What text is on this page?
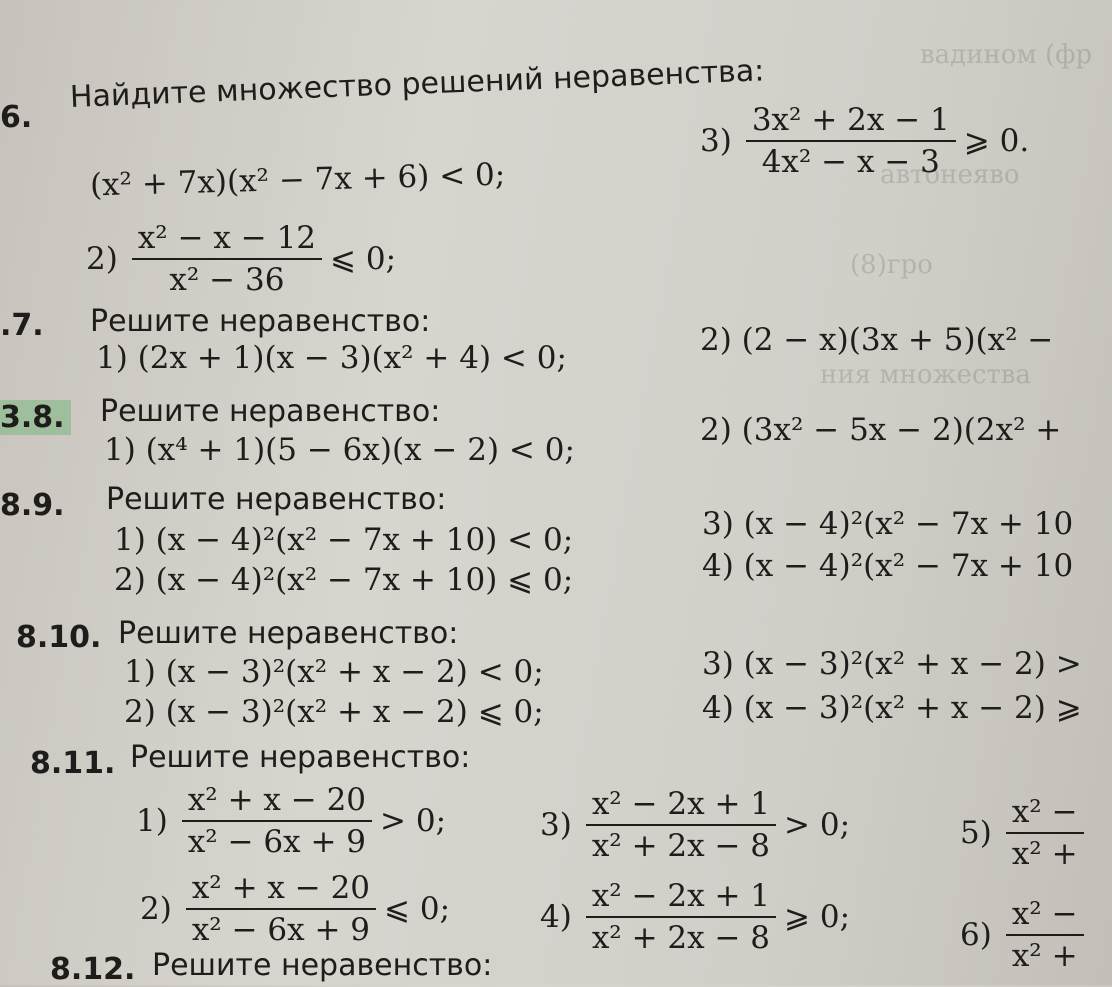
вадином (фр
автонеяво
(8)гро
ния множества
6.
Найдите множество решений неравенства:
(x² + 7x)(x² − 7x + 6) < 0;
$2) \frac{\text{x² − x − 12}}{\text{x² − 36}}$ ⩽ 0;
$3) \frac{\text{3x² + 2x − 1}}{\text{4x² − x − 3}}$ ⩾ 0.
.7. Решите неравенство:
1) (2x + 1)(x − 3)(x² + 4) < 0;	2) (2 − x)(3x + 5)(x² −
3.8. Решите неравенство:
1) (x⁴ + 1)(5 − 6x)(x − 2) < 0;
2) (3x² − 5x − 2)(2x² +
8.9. Решите неравенство:
1) (x − 4)²(x² − 7x + 10) < 0;
2) (x − 4)²(x² − 7x + 10) ⩽ 0;
3) (x − 4)²(x² − 7x + 10
4) (x − 4)²(x² − 7x + 10
8.10. Решите неравенство:
1) (x − 3)²(x² + x − 2) < 0;
2) (x − 3)²(x² + x − 2) ⩽ 0;
3) (x − 3)²(x² + x − 2) >
4) (x − 3)²(x² + x − 2) ⩾
8.11. Решите неравенство:
$1) \frac{\text{x² + x − 20}}{\text{x² − 6x + 9}} > 0$;
$2) \frac{\text{x² + x − 20}}{\text{x² − 6x + 9}}$ ⩽ 0;
$3) \frac{\text{x² − 2x + 1}}{\text{x² + 2x − 8}} > 0$;
$4) \frac{\text{x² − 2x + 1}}{\text{x² + 2x − 8}}$ ⩾ 0;
$5) \frac{\text{x² −}}{\text{x² +}}$
$6) \frac{\text{x² −}}{\text{x² +}}$
8.12. Решите неравенство:
